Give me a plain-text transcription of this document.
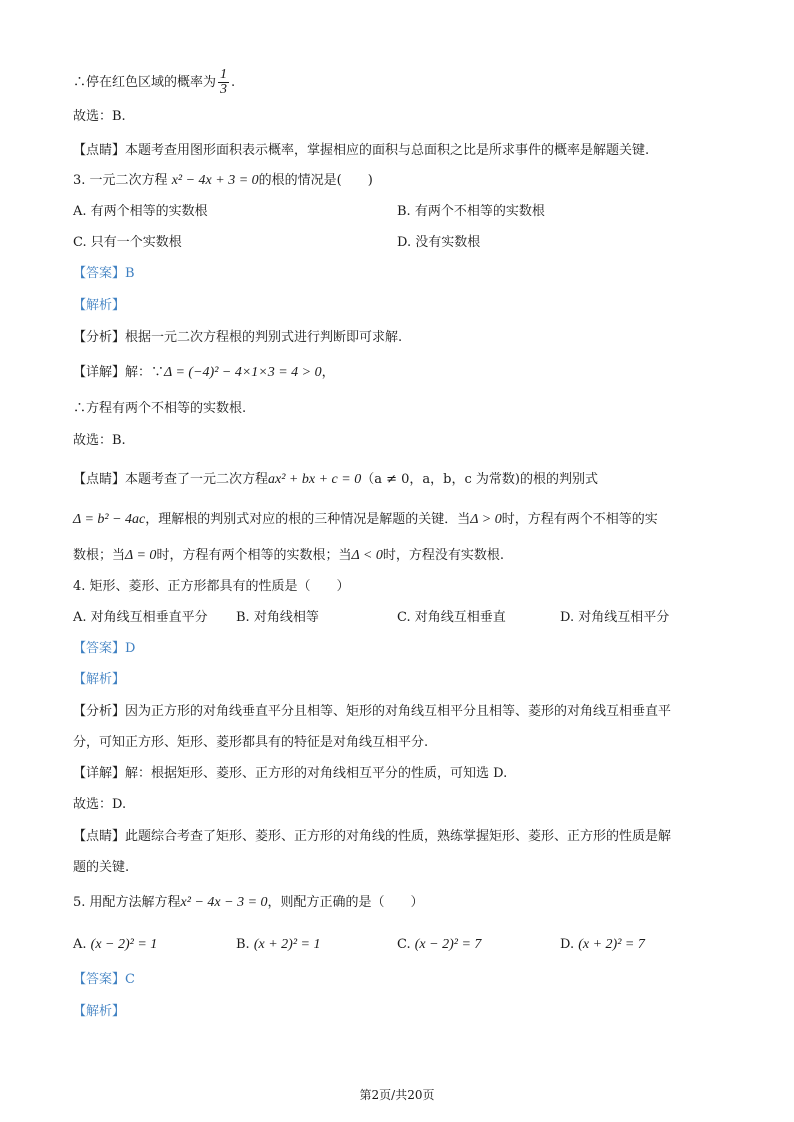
∴停在红色区域的概率为 $\frac{1}{3}$ .
故选：B.
【点睛】本题考查用图形面积表示概率，掌握相应的面积与总面积之比是所求事件的概率是解题关键.
3. 一元二次方程 x² − 4x + 3 = 0的根的情况是(　　)
A. 有两个相等的实数根	B. 有两个不相等的实数根
C. 只有一个实数根	D. 没有实数根
【答案】B
【解析】
【分析】根据一元二次方程根的判别式进行判断即可求解.
【详解】解：∵Δ = (−4)² − 4×1×3 = 4 > 0，
∴方程有两个不相等的实数根.
故选：B.
【点睛】本题考查了一元二次方程ax² + bx + c = 0（a ≠ 0，a，b，c 为常数)的根的判别式
Δ = b² − 4ac，理解根的判别式对应的根的三种情况是解题的关键．当Δ > 0时，方程有两个不相等的实
数根；当Δ = 0时，方程有两个相等的实数根；当Δ < 0时，方程没有实数根.
4. 矩形、菱形、正方形都具有的性质是（　　）
A. 对角线互相垂直平分 B. 对角线相等	C. 对角线互相垂直	D. 对角线互相平分
【答案】D
【解析】
【分析】因为正方形的对角线垂直平分且相等、矩形的对角线互相平分且相等、菱形的对角线互相垂直平
分，可知正方形、矩形、菱形都具有的特征是对角线互相平分.
【详解】解：根据矩形、菱形、正方形的对角线相互平分的性质，可知选 D.
故选：D.
【点睛】此题综合考查了矩形、菱形、正方形的对角线的性质，熟练掌握矩形、菱形、正方形的性质是解
题的关键.
5. 用配方法解方程x² − 4x − 3 = 0，则配方正确的是（　　）
A. (x − 2)² = 1	B. (x + 2)² = 1	C. (x − 2)² = 7	D. (x + 2)² = 7
【答案】C
【解析】
第2页/共20页
